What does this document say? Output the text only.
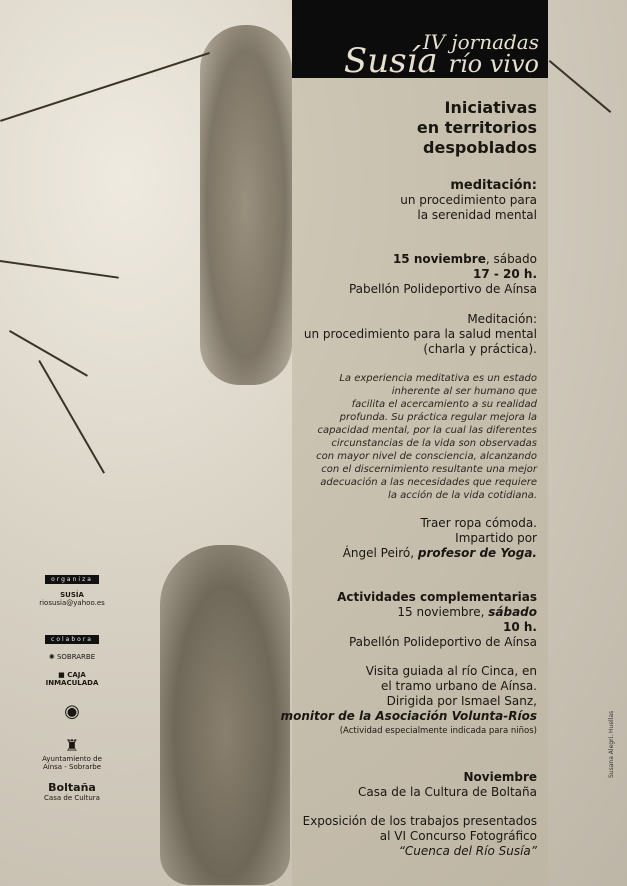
IV jornadas
Susía río vivo
Iniciativas
en territorios
despoblados
meditación:
un procedimiento para
la serenidad mental
15 noviembre, sábado
17 - 20 h.
Pabellón Polideportivo de Aínsa
Meditación:
un procedimiento para la salud mental
(charla y práctica).
La experiencia meditativa es un estado
inherente al ser humano que
facilita el acercamiento a su realidad
profunda. Su práctica regular mejora la
capacidad mental, por la cual las diferentes
circunstancias de la vida son observadas
con mayor nivel de consciencia, alcanzando
con el discernimiento resultante una mejor
adecuación a las necesidades que requiere
la acción de la vida cotidiana.
Traer ropa cómoda.
Impartido por
Ángel Peiró, profesor de Yoga.
Actividades complementarias
15 noviembre, sábado
10 h.
Pabellón Polideportivo de Aínsa
Visita guiada al río Cinca, en
el tramo urbano de Aínsa.
Dirigida por Ismael Sanz,
monitor de la Asociación Volunta-Ríos
(Actividad especialmente indicada para niños)
Noviembre
Casa de la Cultura de Boltaña
Exposición de los trabajos presentados
al VI Concurso Fotográfico
“Cuenca del Río Susía”
organiza
SUSÍA
riosusia@yahoo.es
colabora
✺ SOBRARBE
■ CAJA INMACULADA
◉
♜
Ayuntamiento de Aínsa - Sobrarbe
Boltaña
Casa de Cultura
Susana Alegri. Huellas
